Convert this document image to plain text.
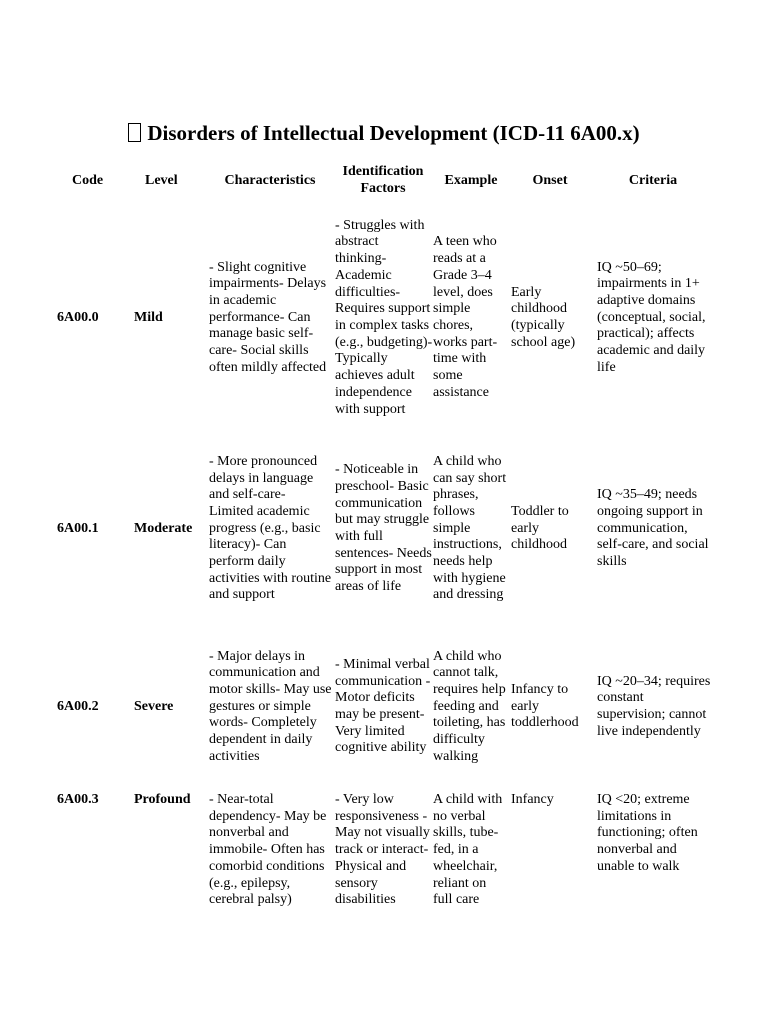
Disorders of Intellectual Development (ICD-11 6A00.x)
Code	Level	Characteristics	Identification Factors	Example	Onset	Criteria
6A00.0	Mild	- Slight cognitive impairments- Delays in academic performance- Can manage basic self-care- Social skills often mildly affected	- Struggles with abstract thinking- Academic difficulties- Requires support in complex tasks (e.g., budgeting)- Typically achieves adult independence with support	A teen who reads at a Grade 3–4 level, does simple chores, works part-time with some assistance	Early childhood (typically school age)	IQ ~50–69; impairments in 1+ adaptive domains (conceptual, social, practical); affects academic and daily life
6A00.1	Moderate	- More pronounced delays in language and self-care- Limited academic progress (e.g., basic literacy)- Can perform daily activities with routine and support	- Noticeable in preschool- Basic communication but may struggle with full sentences- Needs support in most areas of life	A child who can say short phrases, follows simple instructions, needs help with hygiene and dressing	Toddler to early childhood	IQ ~35–49; needs ongoing support in communication, self-care, and social skills
6A00.2	Severe	- Major delays in communication and motor skills- May use gestures or simple words- Completely dependent in daily activities	- Minimal verbal communication - Motor deficits may be present- Very limited cognitive ability	A child who cannot talk, requires help feeding and toileting, has difficulty walking	Infancy to early toddlerhood	IQ ~20–34; requires constant supervision; cannot live independently
6A00.3	Profound	- Near-total dependency- May be nonverbal and immobile- Often has comorbid conditions (e.g., epilepsy, cerebral palsy)	- Very low responsiveness - May not visually track or interact- Physical and sensory disabilities	A child with no verbal skills, tube-fed, in a wheelchair, reliant on full care	Infancy	IQ <20; extreme limitations in functioning; often nonverbal and unable to walk
